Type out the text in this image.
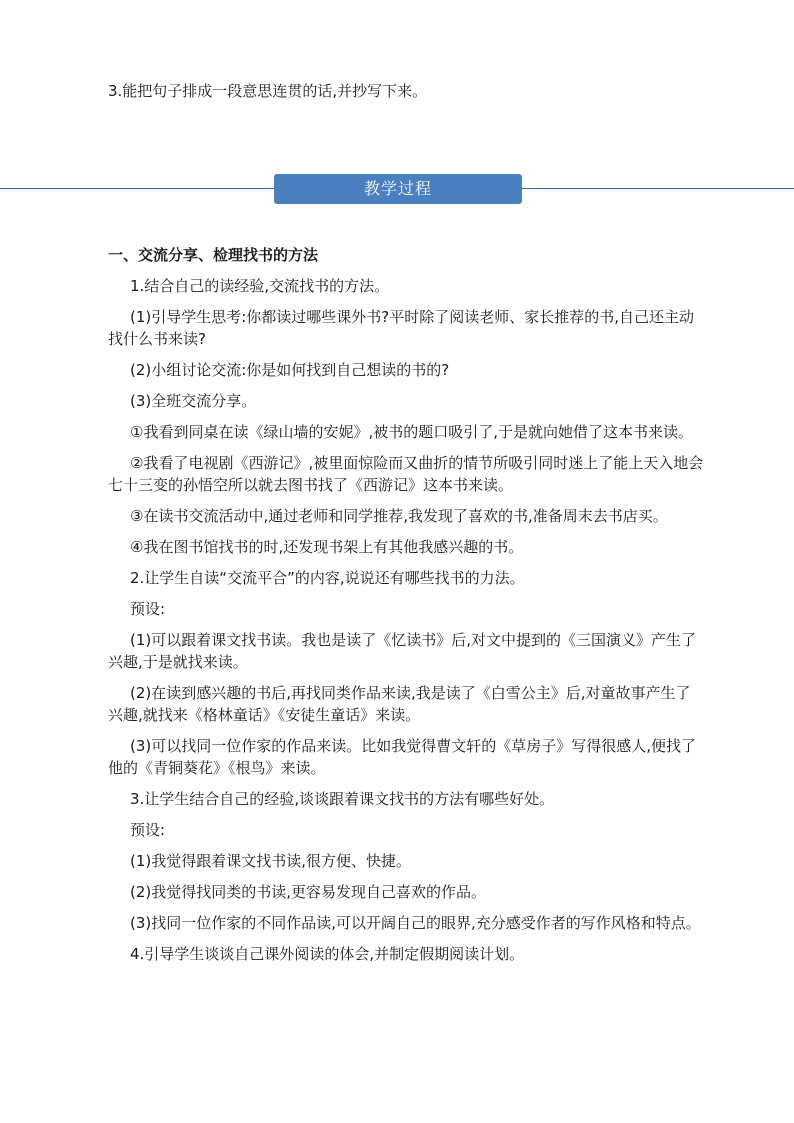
3.能把句子排成一段意思连贯的话,并抄写下来。
教学过程

一、交流分享、检理找书的方法

1.结合自己的读经验,交流找书的方法。

(1)引导学生思考:你都读过哪些课外书?平时除了阅读老师、家长推荐的书,自己还主动
找什么书来读?

(2)小组讨论交流:你是如何找到自己想读的书的?

(3)全班交流分享。

①我看到同桌在读《绿山墙的安妮》,被书的题口吸引了,于是就向她借了这本书来读。

②我看了电视剧《西游记》,被里面惊险而又曲折的情节所吸引同时迷上了能上天入地会
七十三变的孙悟空所以就去图书找了《西游记》这本书来读。

③在读书交流活动中,通过老师和同学推荐,我发现了喜欢的书,准备周末去书店买。

④我在图书馆找书的时,还发现书架上有其他我感兴趣的书。

2.让学生自读“交流平合”的内容,说说还有哪些找书的力法。

预设:

(1)可以跟着课文找书读。我也是读了《忆读书》后,对文中提到的《三国演义》产生了
兴趣,于是就找来读。

(2)在读到感兴趣的书后,再找同类作品来读,我是读了《白雪公主》后,对童故事产生了
兴趣,就找来《格林童话》《安徒生童话》来读。

(3)可以找同一位作家的作品来读。比如我觉得曹文轩的《草房子》写得很感人,便找了
他的《青铜葵花》《根鸟》来读。

3.让学生结合自己的经验,谈谈跟着课文找书的方法有哪些好处。

预设:

(1)我觉得跟着课文找书读,很方便、快捷。

(2)我觉得找同类的书读,更容易发现自己喜欢的作品。

(3)找同一位作家的不同作品读,可以开阔自己的眼界,充分感受作者的写作风格和特点。

4.引导学生谈谈自己课外阅读的体会,并制定假期阅读计划。
